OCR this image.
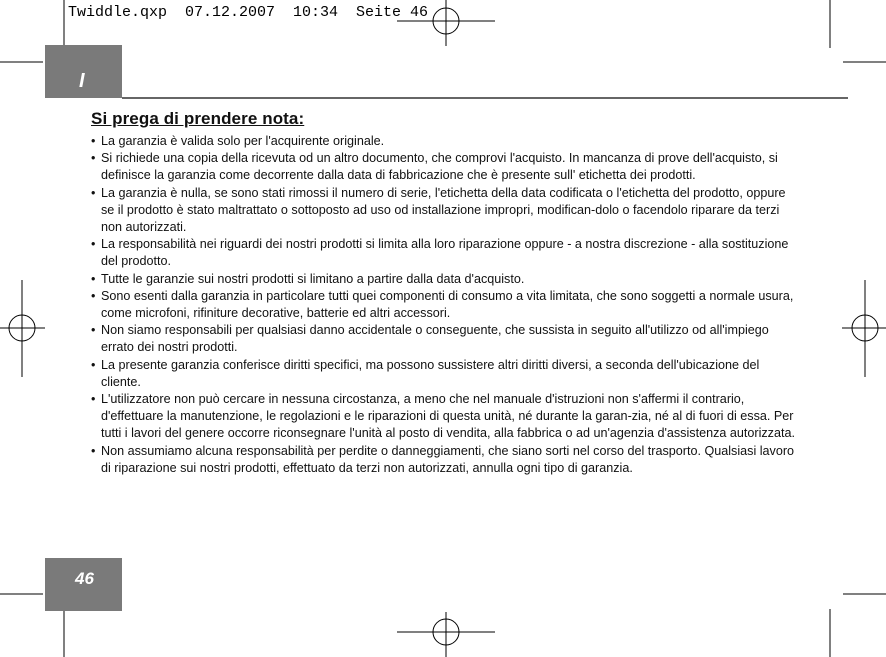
Twiddle.qxp  07.12.2007  10:34  Seite 46
I
Si prega di prendere nota:
• La garanzia è valida solo per l'acquirente originale.
• Si richiede una copia della ricevuta od un altro documento, che comprovi l'acquisto. In mancanza di prove dell'acquisto, si definisce la garanzia come decorrente dalla data di fabbricazione che è presente sull' etichetta dei prodotti.
• La garanzia è nulla, se sono stati rimossi il numero di serie, l'etichetta della data codificata o l'etichetta del prodotto, oppure se il prodotto è stato maltrattato o sottoposto ad uso od installazione impropri, modifican-dolo o facendolo riparare da terzi non autorizzati.
• La responsabilità nei riguardi dei nostri prodotti si limita alla loro riparazione oppure - a nostra discrezione - alla sostituzione del prodotto.
• Tutte le garanzie sui nostri prodotti si limitano a partire dalla data d'acquisto.
• Sono esenti dalla garanzia in particolare tutti quei componenti di consumo a vita limitata, che sono soggetti a normale usura, come microfoni, rifiniture decorative, batterie ed altri accessori.
• Non siamo responsabili per qualsiasi danno accidentale o conseguente, che sussista in seguito all'utilizzo od all'impiego errato dei nostri prodotti.
• La presente garanzia conferisce diritti specifici, ma possono sussistere altri diritti diversi, a seconda dell'ubicazione del cliente.
• L'utilizzatore non può cercare in nessuna circostanza, a meno che nel manuale d'istruzioni non s'affermi il contrario, d'effettuare la manutenzione, le regolazioni e le riparazioni di questa unità, né durante la garan-zia, né al di fuori di essa. Per tutti i lavori del genere occorre riconsegnare l'unità al posto di vendita, alla fabbrica o ad un'agenzia d'assistenza autorizzata.
• Non assumiamo alcuna responsabilità per perdite o danneggiamenti, che siano sorti nel corso del trasporto. Qualsiasi lavoro di riparazione sui nostri prodotti, effettuato da terzi non autorizzati, annulla ogni tipo di garanzia.
46
